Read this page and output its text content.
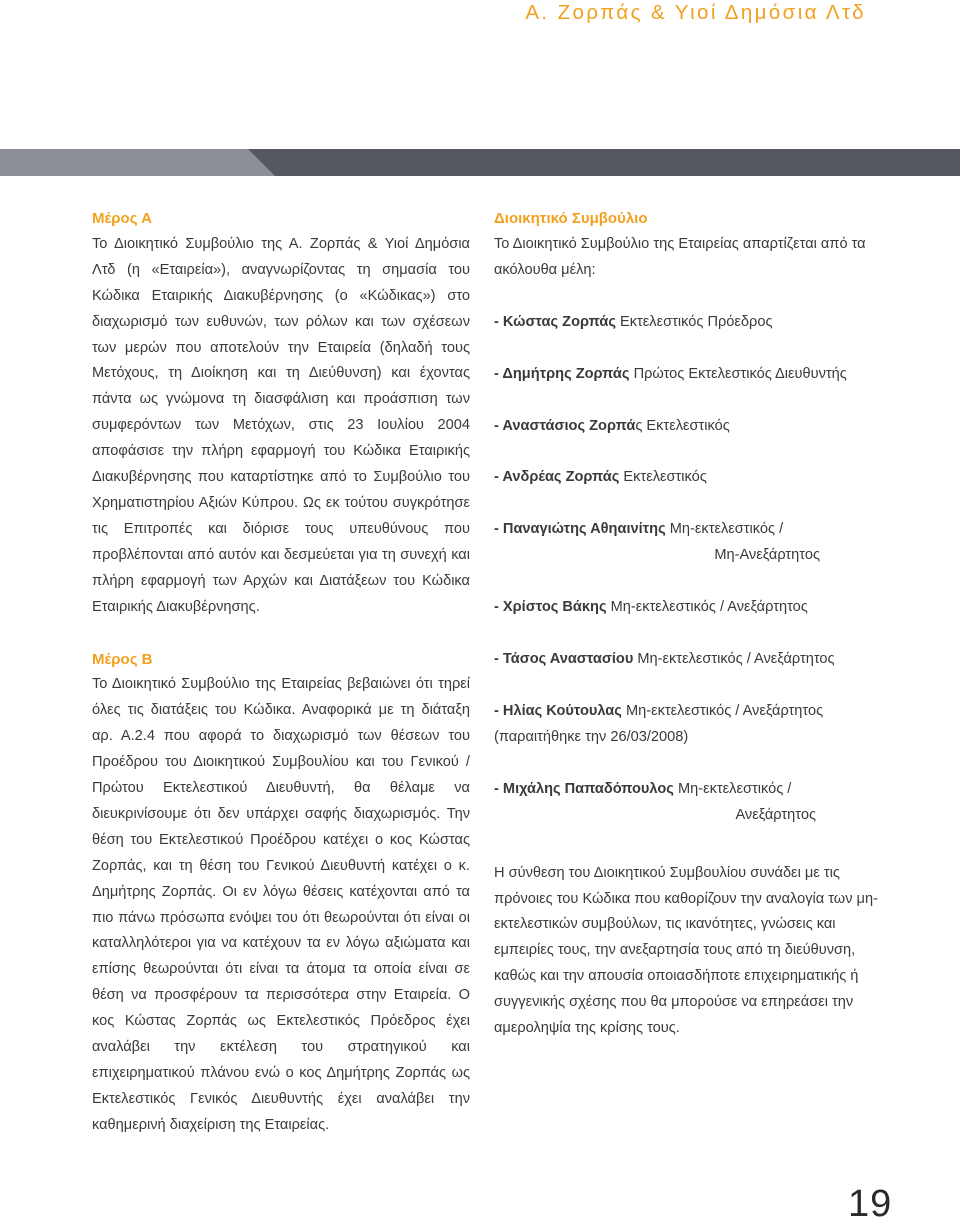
Α. Ζορπάς & Υιοί Δημόσια Λτδ
Μέρος Α

Το Διοικητικό Συμβούλιο της Α. Ζορπάς & Υιοί Δημόσια Λτδ (η «Εταιρεία»), αναγνωρίζοντας τη σημασία του Κώδικα Εταιρικής Διακυβέρνησης (ο «Κώδικας») στο διαχωρισμό των ευθυνών, των ρόλων και των σχέσεων των μερών που αποτελούν την Εταιρεία (δηλαδή τους Μετόχους, τη Διοίκηση και τη Διεύθυνση) και έχοντας πάντα ως γνώμονα τη διασφάλιση και προάσπιση των συμφερόντων των Μετόχων, στις 23 Ιουλίου 2004 αποφάσισε την πλήρη εφαρμογή του Κώδικα Εταιρικής Διακυβέρνησης που καταρτίστηκε από το Συμβούλιο του Χρηματιστηρίου Αξιών Κύπρου. Ως εκ τούτου συγκρότησε τις Επιτροπές και διόρισε τους υπευθύνους που προβλέπονται από αυτόν και δεσμεύεται για τη συνεχή και πλήρη εφαρμογή των Αρχών και Διατάξεων του Κώδικα Εταιρικής Διακυβέρνησης.

Μέρος Β

Το Διοικητικό Συμβούλιο της Εταιρείας βεβαιώνει ότι τηρεί όλες τις διατάξεις του Κώδικα. Αναφορικά με τη διάταξη αρ. Α.2.4 που αφορά το διαχωρισμό των θέσεων του Προέδρου του Διοικητικού Συμβουλίου και του Γενικού /Πρώτου Εκτελεστικού Διευθυντή, θα θέλαμε να διευκρινίσουμε ότι δεν υπάρχει σαφής διαχωρισμός. Την θέση του Εκτελεστικού Προέδρου κατέχει ο κος Κώστας Ζορπάς, και τη θέση του Γενικού Διευθυντή κατέχει ο κ. Δημήτρης Ζορπάς. Οι εν λόγω θέσεις κατέχονται από τα πιο πάνω πρόσωπα ενόψει του ότι θεωρούνται ότι είναι οι καταλληλότεροι για να κατέχουν τα εν λόγω αξιώματα και επίσης θεωρούνται ότι είναι τα άτομα τα οποία είναι σε θέση να προσφέρουν τα περισσότερα στην Εταιρεία. Ο κος Κώστας Ζορπάς ως Εκτελεστικός Πρόεδρος έχει αναλάβει την εκτέλεση του στρατηγικού και επιχειρηματικού πλάνου ενώ ο κος Δημήτρης Ζορπάς ως Εκτελεστικός Γενικός Διευθυντής έχει αναλάβει την καθημερινή διαχείριση της Εταιρείας.

Διοικητικό Συμβούλιο

Το Διοικητικό Συμβούλιο της Εταιρείας απαρτίζεται από τα ακόλουθα μέλη:

- Κώστας Ζορπάς Εκτελεστικός Πρόεδρος

- Δημήτρης Ζορπάς Πρώτος Εκτελεστικός Διευθυντής

- Αναστάσιος Ζορπάς Εκτελεστικός

- Ανδρέας Ζορπάς Εκτελεστικός

- Παναγιώτης Αθηαινίτης Μη-εκτελεστικός /
Μη-Ανεξάρτητος

- Χρίστος Βάκης Μη-εκτελεστικός / Ανεξάρτητος

- Τάσος Αναστασίου Μη-εκτελεστικός / Ανεξάρτητος

- Ηλίας Κούτουλας Μη-εκτελεστικός / Ανεξάρτητος
(παραιτήθηκε την 26/03/2008)

- Μιχάλης Παπαδόπουλος Μη-εκτελεστικός /
Ανεξάρτητος

Η σύνθεση του Διοικητικού Συμβουλίου συνάδει με τις πρόνοιες του Κώδικα που καθορίζουν την αναλογία των μη-εκτελεστικών συμβούλων, τις ικανότητες, γνώσεις και εμπειρίες τους, την ανεξαρτησία τους από τη διεύθυνση, καθώς και την απουσία οποιασδήποτε επιχειρηματικής ή συγγενικής σχέσης που θα μπορούσε να επηρεάσει την αμεροληψία της κρίσης τους.

19
